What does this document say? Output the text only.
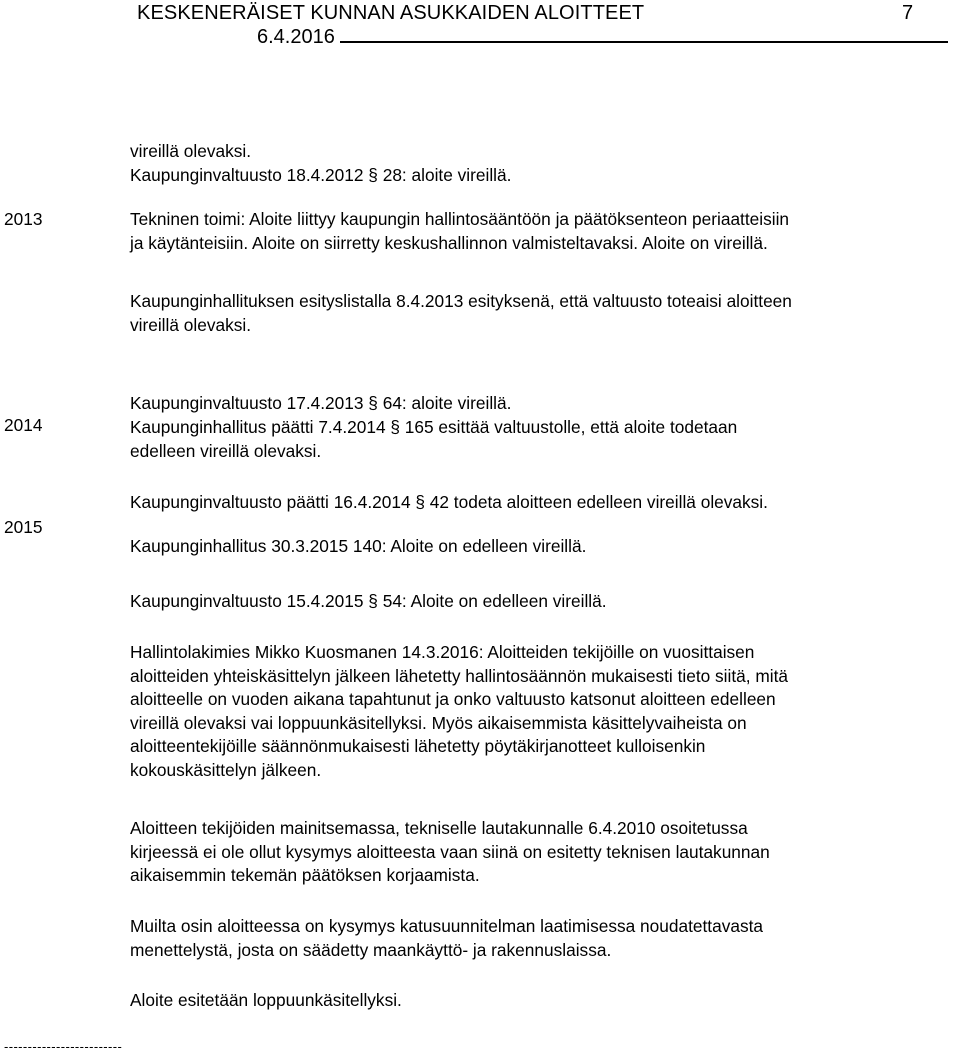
KESKENERÄISET KUNNAN ASUKKAIDEN ALOITTEET	7
6.4.2016
2013
2014
2015
vireillä olevaksi.
Kaupunginvaltuusto 18.4.2012 § 28: aloite vireillä.
Tekninen toimi: Aloite liittyy kaupungin hallintosääntöön ja päätöksenteon periaatteisiin
ja käytänteisiin. Aloite on siirretty keskushallinnon valmisteltavaksi. Aloite on vireillä.
Kaupunginhallituksen esityslistalla 8.4.2013 esityksenä, että valtuusto toteaisi aloitteen
vireillä olevaksi.
Kaupunginvaltuusto 17.4.2013 § 64: aloite vireillä.
Kaupunginhallitus päätti 7.4.2014 § 165 esittää valtuustolle, että aloite todetaan
edelleen vireillä olevaksi.
Kaupunginvaltuusto päätti 16.4.2014 § 42 todeta aloitteen edelleen vireillä olevaksi.
Kaupunginhallitus 30.3.2015 140: Aloite on edelleen vireillä.
Kaupunginvaltuusto 15.4.2015 § 54: Aloite on edelleen vireillä.
Hallintolakimies Mikko Kuosmanen 14.3.2016: Aloitteiden tekijöille on vuosittaisen
aloitteiden yhteiskäsittelyn jälkeen lähetetty hallintosäännön mukaisesti tieto siitä, mitä
aloitteelle on vuoden aikana tapahtunut ja onko valtuusto katsonut aloitteen edelleen
vireillä olevaksi vai loppuunkäsitellyksi. Myös aikaisemmista käsittelyvaiheista on
aloitteentekijöille säännönmukaisesti lähetetty pöytäkirjanotteet kulloisenkin
kokouskäsittelyn jälkeen.
Aloitteen tekijöiden mainitsemassa, tekniselle lautakunnalle 6.4.2010 osoitetussa
kirjeessä ei ole ollut kysymys aloitteesta vaan siinä on esitetty teknisen lautakunnan
aikaisemmin tekemän päätöksen korjaamista.
Muilta osin aloitteessa on kysymys katusuunnitelman laatimisessa noudatettavasta
menettelystä, josta on säädetty maankäyttö- ja rakennuslaissa.
Aloite esitetään loppuunkäsitellyksi.
-------------------------
